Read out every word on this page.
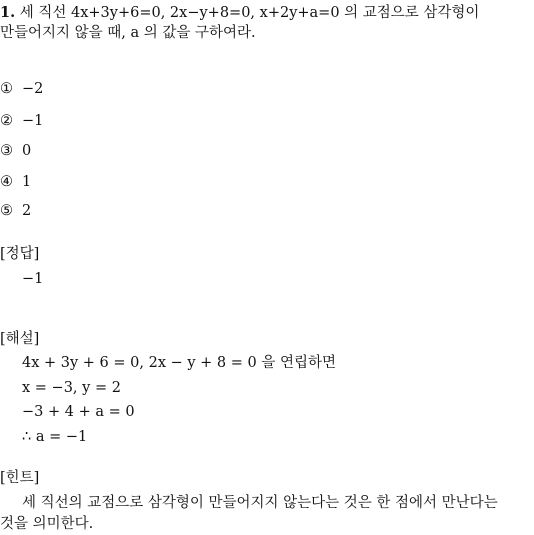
1. 세 직선 4x+3y+6=0, 2x−y+8=0, x+2y+a=0 의 교점으로 삼각형이
만들어지지 않을 때, a 의 값을 구하여라.
① −2
② −1
③ 0
④ 1
⑤ 2
[정답]
−1
[해설]
4x + 3y + 6 = 0, 2x − y + 8 = 0 을 연립하면
x = −3, y = 2
−3 + 4 + a = 0
∴ a = −1
[힌트]
세 직선의 교점으로 삼각형이 만들어지지 않는다는 것은 한 점에서 만난다는
것을 의미한다.
